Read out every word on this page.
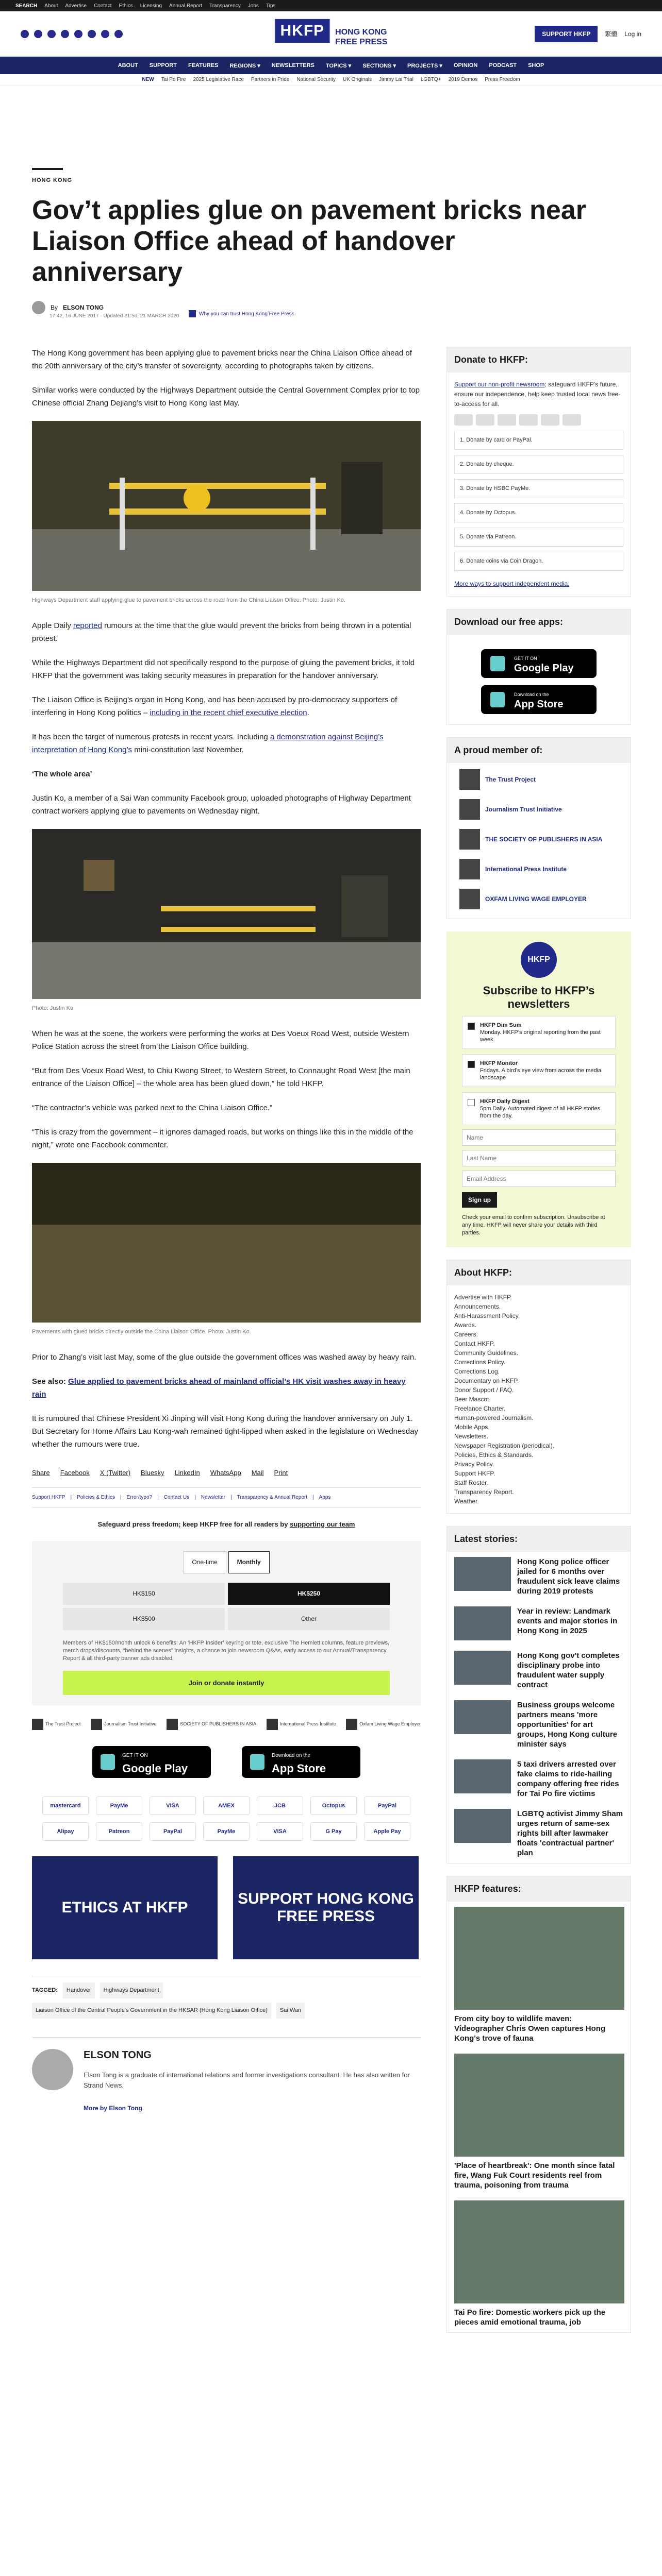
SEARCH About Advertise Contact Ethics Licensing Annual Report Transparency Jobs Tips
HKFP	HONG KONG
FREE PRESS
SUPPORT HKFP	繁體 Log in
ABOUT SUPPORT FEATURES REGIONS ▾ NEWSLETTERS TOPICS ▾ SECTIONS ▾ PROJECTS ▾ OPINION PODCAST SHOP
NEW Tai Po Fire 2025 Legislative Race Partners in Pride National Security UK Originals Jimmy Lai Trial LGBTQ+ 2019 Demos Press Freedom
HONG KONG
Gov’t applies glue on pavement bricks near Liaison Office ahead of handover anniversary
By ELSON TONG
17:42, 16 JUNE 2017 · Updated 21:56, 21 MARCH 2020	Why you can trust Hong Kong Free Press

The Hong Kong government has been applying glue to pavement bricks near the China Liaison Office ahead of the 20th anniversary of the city’s transfer of sovereignty, according to photographs taken by citizens.

Similar works were conducted by the Highways Department outside the Central Government Complex prior to top Chinese official Zhang Dejiang’s visit to Hong Kong last May.

Highways Department staff applying glue to pavement bricks across the road from the China Liaison Office. Photo: Justin Ko.

Apple Daily reported rumours at the time that the glue would prevent the bricks from being thrown in a potential protest.

While the Highways Department did not specifically respond to the purpose of gluing the pavement bricks, it told HKFP that the government was taking security measures in preparation for the handover anniversary.

The Liaison Office is Beijing’s organ in Hong Kong, and has been accused by pro-democracy supporters of interfering in Hong Kong politics – including in the recent chief executive election.

It has been the target of numerous protests in recent years. Including a demonstration against Beijing’s interpretation of Hong Kong’s mini-constitution last November.

‘The whole area’

Justin Ko, a member of a Sai Wan community Facebook group, uploaded photographs of Highway Department contract workers applying glue to pavements on Wednesday night.

Photo: Justin Ko.

When he was at the scene, the workers were performing the works at Des Voeux Road West, outside Western Police Station across the street from the Liaison Office building.

“But from Des Voeux Road West, to Chiu Kwong Street, to Western Street, to Connaught Road West [the main entrance of the Liaison Office] – the whole area has been glued down,” he told HKFP.

“The contractor’s vehicle was parked next to the China Liaison Office.”

“This is crazy from the government – it ignores damaged roads, but works on things like this in the middle of the night,” wrote one Facebook commenter.

Pavements with glued bricks directly outside the China Liaison Office. Photo: Justin Ko.

Prior to Zhang’s visit last May, some of the glue outside the government offices was washed away by heavy rain.

See also: Glue applied to pavement bricks ahead of mainland official’s HK visit washes away in heavy rain

It is rumoured that Chinese President Xi Jinping will visit Hong Kong during the handover anniversary on July 1. But Secretary for Home Affairs Lau Kong-wah remained tight-lipped when asked in the legislature on Wednesday whether the rumours were true.

Share Facebook X (Twitter) Bluesky LinkedIn WhatsApp Mail Print
Support HKFP | Policies & Ethics | Error/typo? | Contact Us | Newsletter | Transparency & Annual Report | Apps
Safeguard press freedom; keep HKFP free for all readers by supporting our team
One-time	Monthly
HK$150	HK$250
HK$500	Other
Members of HK$150/month unlock 6 benefits: An ‘HKFP Insider’ keyring or tote, exclusive The Hemlett columns, feature previews, merch drops/discounts, “behind the scenes” insights, a chance to join newsroom Q&As, early access to our Annual/Transparency Report & all third-party banner ads disabled.
Join or donate instantly
The Trust Project	Journalism Trust Initiative	SOCIETY OF PUBLISHERS IN ASIA	International Press Institute	Oxfam Living Wage Employer
GET IT ON
Google Play
Download on the
App Store
mastercard	PayMe	VISA	AMEX	JCB	Octopus	PayPal
Alipay	Patreon	PayPal	PayMe	VISA	G Pay	Apple Pay
ETHICS AT HKFP
SUPPORT HONG KONG FREE PRESS
TAGGED:	Handover	Highways Department
Liaison Office of the Central People's Government in the HKSAR (Hong Kong Liaison Office)	Sai Wan
ELSON TONG

Elson Tong is a graduate of international relations and former investigations consultant. He has also written for Strand News.

More by Elson Tong
Donate to HKFP:
Support our non-profit newsroom; safeguard HKFP’s future, ensure our independence, help keep trusted local news free-to-access for all.
1. Donate by card or PayPal.
2. Donate by cheque.
3. Donate by HSBC PayMe.
4. Donate by Octopus.
5. Donate via Patreon.
6. Donate coins via Coin Dragon.
More ways to support independent media.
Download our free apps:
GET IT ON
Google Play
Download on the
App Store
A proud member of:
The Trust Project
Journalism Trust Initiative
THE SOCIETY OF PUBLISHERS IN ASIA
International Press Institute
OXFAM LIVING WAGE EMPLOYER
HKFP
Subscribe to HKFP’s newsletters
HKFP Dim Sum
Monday. HKFP’s original reporting from the past week.
HKFP Monitor
Fridays. A bird’s eye view from across the media landscape
HKFP Daily Digest
5pm Daily. Automated digest of all HKFP stories from the day.
Name Last Name Email Address Sign up
Check your email to confirm subscription. Unsubscribe at any time. HKFP will never share your details with third parties.
About HKFP:
Advertise with HKFP.
Announcements.
Anti-Harassment Policy.
Awards.
Careers.
Contact HKFP.
Community Guidelines.
Corrections Policy.
Corrections Log.
Documentary on HKFP.
Donor Support / FAQ.
Beer Mascot.
Freelance Charter.
Human-powered Journalism.
Mobile Apps.
Newsletters.
Newspaper Registration (periodical).
Policies, Ethics & Standards.
Privacy Policy.
Support HKFP.
Staff Roster.
Transparency Report.
Weather.
Latest stories:
Hong Kong police officer jailed for 6 months over fraudulent sick leave claims during 2019 protests
Year in review: Landmark events and major stories in Hong Kong in 2025
Hong Kong gov't completes disciplinary probe into fraudulent water supply contract
Business groups welcome partners means 'more opportunities' for art groups, Hong Kong culture minister says
5 taxi drivers arrested over fake claims to ride-hailing company offering free rides for Tai Po fire victims
LGBTQ activist Jimmy Sham urges return of same-sex rights bill after lawmaker floats 'contractual partner' plan
HKFP features:
From city boy to wildlife maven: Videographer Chris Owen captures Hong Kong's trove of fauna
'Place of heartbreak': One month since fatal fire, Wang Fuk Court residents reel from trauma, poisoning from trauma
Tai Po fire: Domestic workers pick up the pieces amid emotional trauma, job
